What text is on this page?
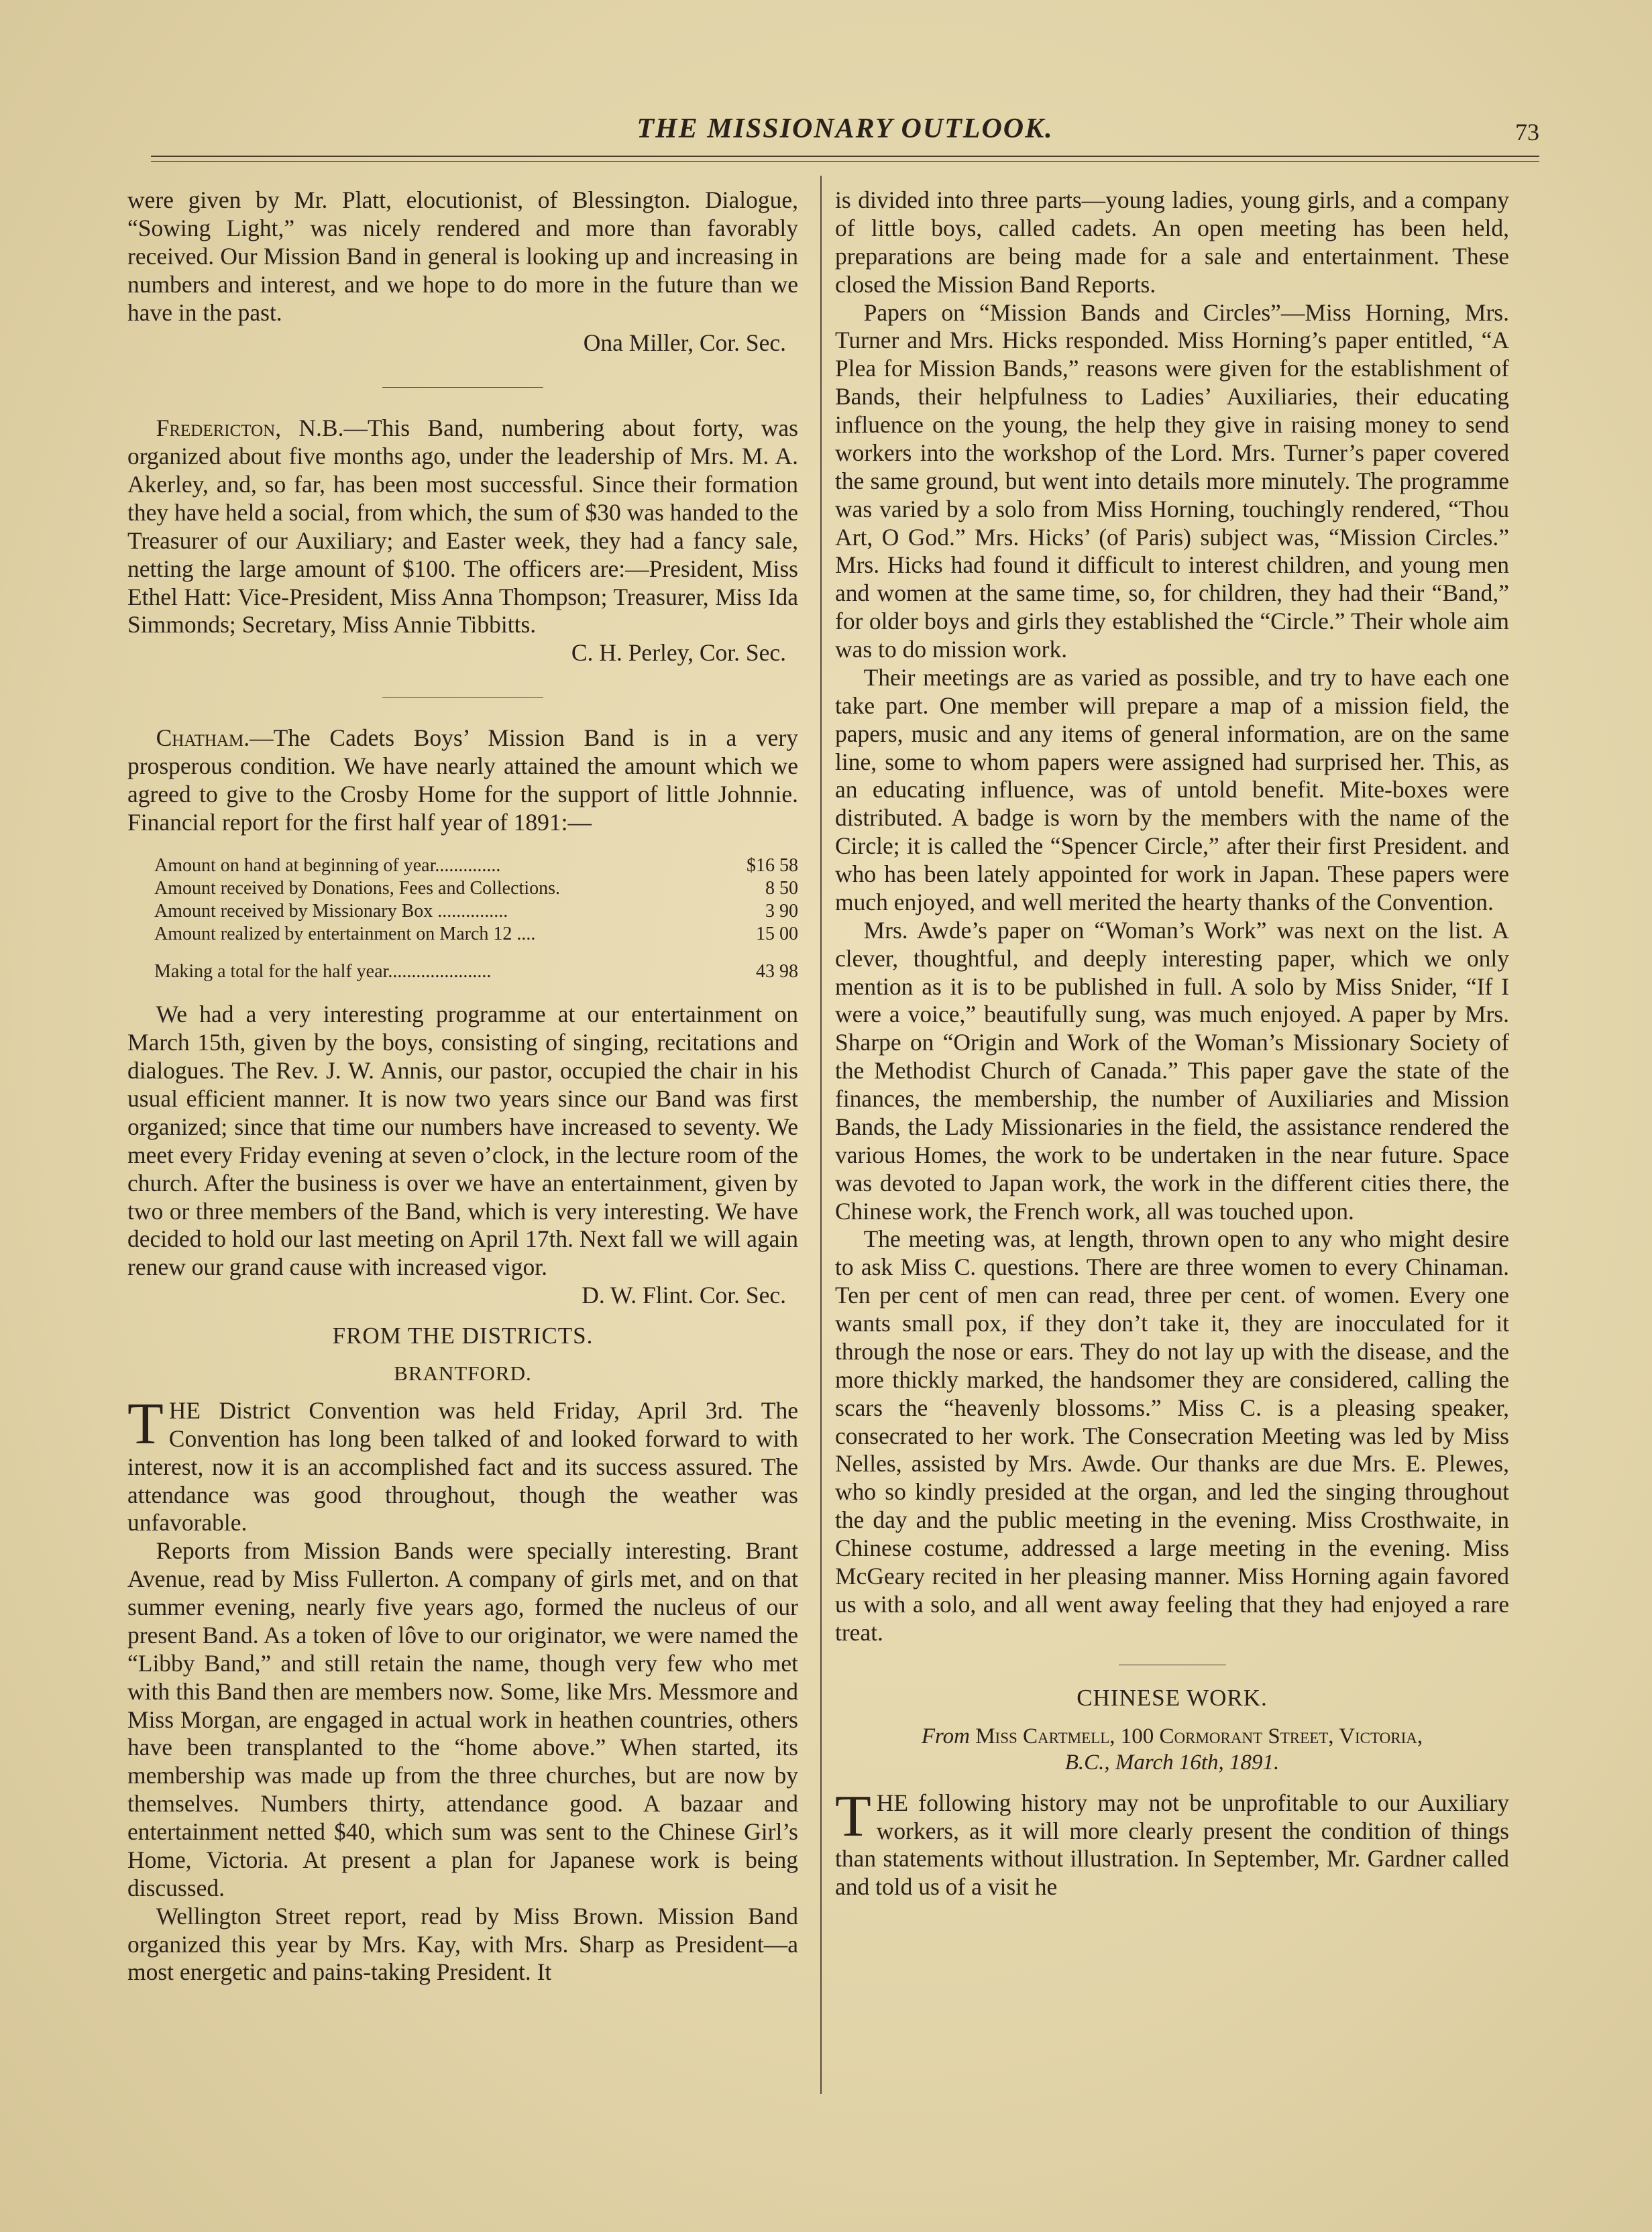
THE MISSIONARY OUTLOOK.	73

were given by Mr. Platt, elocutionist, of Blessington. Dialogue, “Sowing Light,” was nicely rendered and more than favorably received. Our Mission Band in general is looking up and increasing in numbers and interest, and we hope to do more in the future than we have in the past.

Ona Miller, Cor. Sec.

Fredericton, N.B.—This Band, numbering about forty, was organized about five months ago, under the leadership of Mrs. M. A. Akerley, and, so far, has been most successful. Since their formation they have held a social, from which, the sum of $30 was handed to the Treasurer of our Auxiliary; and Easter week, they had a fancy sale, netting the large amount of $100. The officers are:—President, Miss Ethel Hatt: Vice-President, Miss Anna Thompson; Treasurer, Miss Ida Simmonds; Secretary, Miss Annie Tibbitts.

C. H. Perley, Cor. Sec.

Chatham.—The Cadets Boys’ Mission Band is in a very prosperous condition. We have nearly attained the amount which we agreed to give to the Crosby Home for the support of little Johnnie. Financial report for the first half year of 1891:—

Amount on hand at beginning of year..............	$16 58
Amount received by Donations, Fees and Collections.	8 50
Amount received by Missionary Box ...............	3 90
Amount realized by entertainment on March 12 ....	15 00
Making a total for the half year......................	43 98

We had a very interesting programme at our entertainment on March 15th, given by the boys, consisting of singing, recitations and dialogues. The Rev. J. W. Annis, our pastor, occupied the chair in his usual efficient manner. It is now two years since our Band was first organized; since that time our numbers have increased to seventy. We meet every Friday evening at seven o’clock, in the lecture room of the church. After the business is over we have an entertainment, given by two or three members of the Band, which is very interesting. We have decided to hold our last meeting on April 17th. Next fall we will again renew our grand cause with increased vigor.

D. W. Flint. Cor. Sec.
FROM THE DISTRICTS.
BRANTFORD.

THE District Convention was held Friday, April 3rd. The Convention has long been talked of and looked forward to with interest, now it is an accomplished fact and its success assured. The attendance was good throughout, though the weather was unfavorable.

Reports from Mission Bands were specially interesting. Brant Avenue, read by Miss Fullerton. A company of girls met, and on that summer evening, nearly five years ago, formed the nucleus of our present Band. As a token of lôve to our originator, we were named the “Libby Band,” and still retain the name, though very few who met with this Band then are members now. Some, like Mrs. Messmore and Miss Morgan, are engaged in actual work in heathen countries, others have been transplanted to the “home above.” When started, its membership was made up from the three churches, but are now by themselves. Numbers thirty, attendance good. A bazaar and entertainment netted $40, which sum was sent to the Chinese Girl’s Home, Victoria. At present a plan for Japanese work is being discussed.

Wellington Street report, read by Miss Brown. Mission Band organized this year by Mrs. Kay, with Mrs. Sharp as President—a most energetic and pains-taking President. It

is divided into three parts—young ladies, young girls, and a company of little boys, called cadets. An open meeting has been held, preparations are being made for a sale and entertainment. These closed the Mission Band Reports.

Papers on “Mission Bands and Circles”—Miss Horning, Mrs. Turner and Mrs. Hicks responded. Miss Horning’s paper entitled, “A Plea for Mission Bands,” reasons were given for the establishment of Bands, their helpfulness to Ladies’ Auxiliaries, their educating influence on the young, the help they give in raising money to send workers into the workshop of the Lord. Mrs. Turner’s paper covered the same ground, but went into details more minutely. The programme was varied by a solo from Miss Horning, touchingly rendered, “Thou Art, O God.” Mrs. Hicks’ (of Paris) subject was, “Mission Circles.” Mrs. Hicks had found it difficult to interest children, and young men and women at the same time, so, for children, they had their “Band,” for older boys and girls they established the “Circle.” Their whole aim was to do mission work.

Their meetings are as varied as possible, and try to have each one take part. One member will prepare a map of a mission field, the papers, music and any items of general information, are on the same line, some to whom papers were assigned had surprised her. This, as an educating influence, was of untold benefit. Mite-boxes were distributed. A badge is worn by the members with the name of the Circle; it is called the “Spencer Circle,” after their first President. and who has been lately appointed for work in Japan. These papers were much enjoyed, and well merited the hearty thanks of the Convention.

Mrs. Awde’s paper on “Woman’s Work” was next on the list. A clever, thoughtful, and deeply interesting paper, which we only mention as it is to be published in full. A solo by Miss Snider, “If I were a voice,” beautifully sung, was much enjoyed. A paper by Mrs. Sharpe on “Origin and Work of the Woman’s Missionary Society of the Methodist Church of Canada.” This paper gave the state of the finances, the membership, the number of Auxiliaries and Mission Bands, the Lady Missionaries in the field, the assistance rendered the various Homes, the work to be undertaken in the near future. Space was devoted to Japan work, the work in the different cities there, the Chinese work, the French work, all was touched upon.

The meeting was, at length, thrown open to any who might desire to ask Miss C. questions. There are three women to every Chinaman. Ten per cent of men can read, three per cent. of women. Every one wants small pox, if they don’t take it, they are inocculated for it through the nose or ears. They do not lay up with the disease, and the more thickly marked, the handsomer they are considered, calling the scars the “heavenly blossoms.” Miss C. is a pleasing speaker, consecrated to her work. The Consecration Meeting was led by Miss Nelles, assisted by Mrs. Awde. Our thanks are due Mrs. E. Plewes, who so kindly presided at the organ, and led the singing throughout the day and the public meeting in the evening. Miss Crosthwaite, in Chinese costume, addressed a large meeting in the evening. Miss McGeary recited in her pleasing manner. Miss Horning again favored us with a solo, and all went away feeling that they had enjoyed a rare treat.

CHINESE WORK.
From Miss Cartmell, 100 Cormorant Street, Victoria,
B.C., March 16th, 1891.

THE following history may not be unprofitable to our Auxiliary workers, as it will more clearly present the condition of things than statements without illustration. In September, Mr. Gardner called and told us of a visit he
